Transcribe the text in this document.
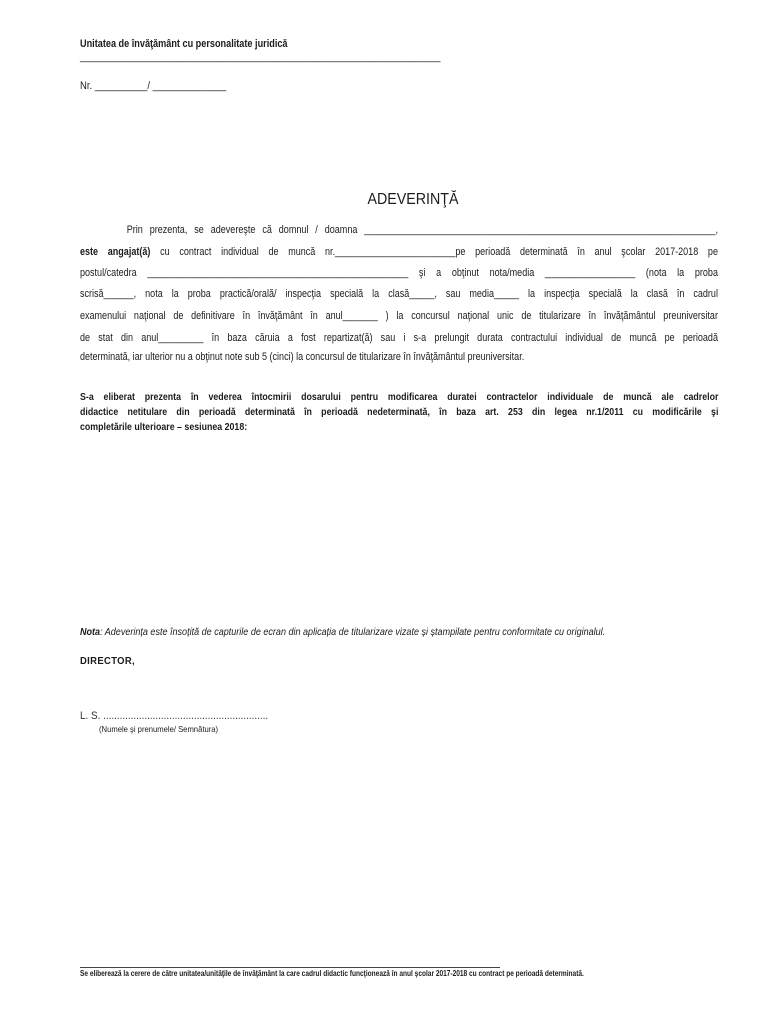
Unitatea de învăţământ cu personalitate juridică
_______________________________________________________________________
Nr. __________/ ______________
ADEVERINŢĂ
Prin prezenta, se adevereşte că domnul / doamna ______________________________________________________________________,
este angajat(ă) cu contract individual de muncă nr.________________________pe perioadă determinată în anul şcolar 2017-2018 pe
postul/catedra ____________________________________________________ şi a obţinut nota/media __________________ (nota la proba
scrisă______, nota la proba practică/orală/ inspecţia specială la clasă_____, sau media_____ la inspecţia specială la clasă în cadrul
examenului naţional de definitivare în învăţământ în anul_______ ) la concursul naţional unic de titularizare în învăţământul preuniversitar
de stat din anul_________ în baza căruia a fost repartizat(ă) sau i s-a prelungit durata contractului individual de muncă pe perioadă
determinată, iar ulterior nu a obţinut note sub 5 (cinci) la concursul de titularizare în învăţământul preuniversitar.
S-a eliberat prezenta în vederea întocmirii dosarului pentru modificarea duratei contractelor individuale de muncă ale cadrelor
didactice netitulare din perioadă determinată în perioadă nedeterminată, în baza art. 253 din legea nr.1/2011 cu modificările şi
completările ulterioare – sesiunea 2018:
Nota: Adeverința este însoțită de capturile de ecran din aplicația de titularizare vizate și ștampilate pentru conformitate cu originalul.
DIRECTOR,
L. S. ............................................................
(Numele şi prenumele/ Semnătura)
Se eliberează la cerere de către unitatea/unităţile de învăţământ la care cadrul didactic funcţionează în anul şcolar 2017-2018 cu contract pe perioadă determinată.
